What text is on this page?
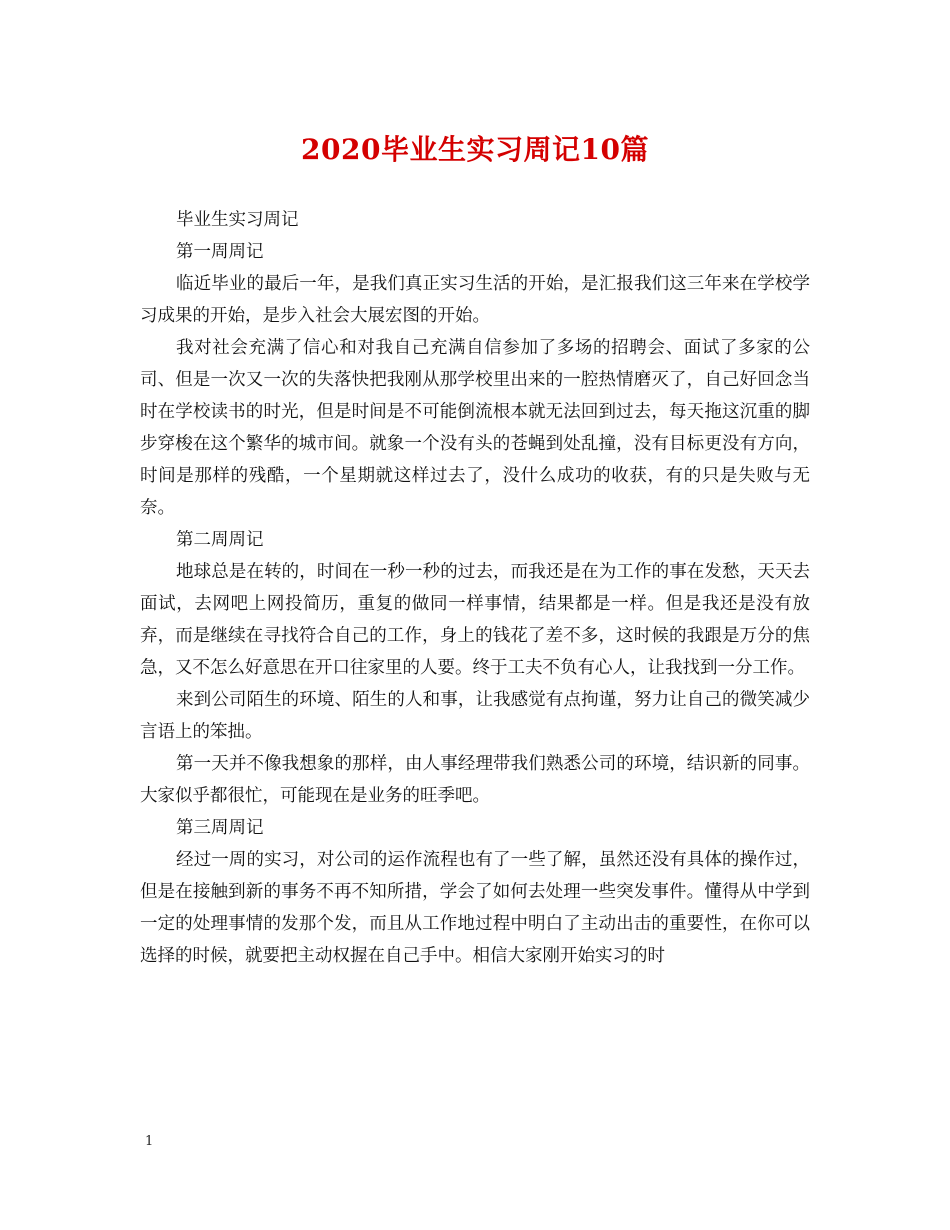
2020毕业生实习周记10篇

毕业生实习周记

第一周周记

临近毕业的最后一年，是我们真正实习生活的开始，是汇报我们这三年来在学校学习成果的开始，是步入社会大展宏图的开始。

我对社会充满了信心和对我自己充满自信参加了多场的招聘会、面试了多家的公司、但是一次又一次的失落快把我刚从那学校里出来的一腔热情磨灭了，自己好回念当时在学校读书的时光，但是时间是不可能倒流根本就无法回到过去，每天拖这沉重的脚步穿梭在这个繁华的城市间。就象一个没有头的苍蝇到处乱撞，没有目标更没有方向，时间是那样的残酷，一个星期就这样过去了，没什么成功的收获，有的只是失败与无奈。

第二周周记

地球总是在转的，时间在一秒一秒的过去，而我还是在为工作的事在发愁，天天去面试，去网吧上网投简历，重复的做同一样事情，结果都是一样。但是我还是没有放弃，而是继续在寻找符合自己的工作，身上的钱花了差不多，这时候的我跟是万分的焦急，又不怎么好意思在开口往家里的人要。终于工夫不负有心人，让我找到一分工作。

来到公司陌生的环境、陌生的人和事，让我感觉有点拘谨，努力让自己的微笑减少言语上的笨拙。

第一天并不像我想象的那样，由人事经理带我们熟悉公司的环境，结识新的同事。大家似乎都很忙，可能现在是业务的旺季吧。

第三周周记

经过一周的实习，对公司的运作流程也有了一些了解，虽然还没有具体的操作过，但是在接触到新的事务不再不知所措，学会了如何去处理一些突发事件。懂得从中学到一定的处理事情的发那个发，而且从工作地过程中明白了主动出击的重要性，在你可以选择的时候，就要把主动权握在自己手中。相信大家刚开始实习的时

1
